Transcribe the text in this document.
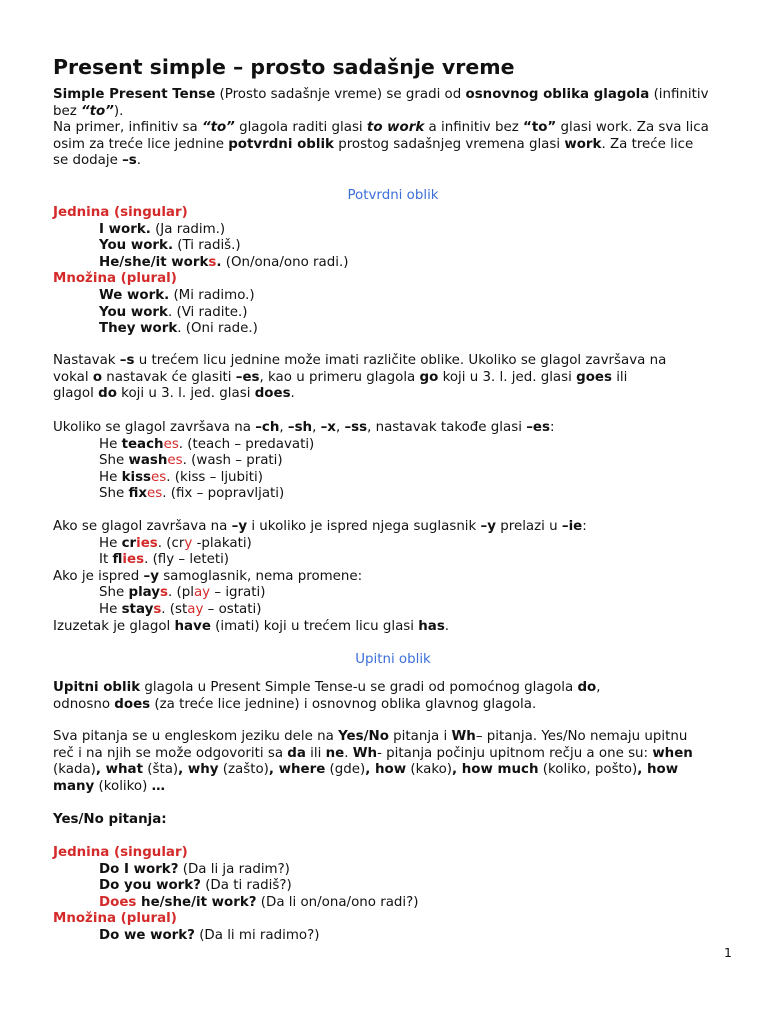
Present simple – prosto sadašnje vreme
Simple Present Tense (Prosto sadašnje vreme) se gradi od osnovnog oblika glagola (infinitiv
bez “to”).
Na primer, infinitiv sa “to” glagola raditi glasi to work a infinitiv bez “to” glasi work. Za sva lica
osim za treće lice jednine potvrdni oblik prostog sadašnjeg vremena glasi work. Za treće lice
se dodaje –s.
Potvrdni oblik
Jednina (singular)
I work. (Ja radim.)
You work. (Ti radiš.)
He/she/it works. (On/ona/ono radi.)
Množina (plural)
We work. (Mi radimo.)
You work. (Vi radite.)
They work. (Oni rade.)
Nastavak –s u trećem licu jednine može imati različite oblike. Ukoliko se glagol završava na
vokal o nastavak će glasiti –es, kao u primeru glagola go koji u 3. l. jed. glasi goes ili
glagol do koji u 3. l. jed. glasi does.
Ukoliko se glagol završava na –ch, –sh, –x, –ss, nastavak takođe glasi –es:
He teaches. (teach – predavati)
She washes. (wash – prati)
He kisses. (kiss – ljubiti)
She fixes. (fix – popravljati)
Ako se glagol završava na –y i ukoliko je ispred njega suglasnik –y prelazi u –ie:
He cries. (cry -plakati)
It flies. (fly – leteti)
Ako je ispred –y samoglasnik, nema promene:
She plays. (play – igrati)
He stays. (stay – ostati)
Izuzetak je glagol have (imati) koji u trećem licu glasi has.
Upitni oblik
Upitni oblik glagola u Present Simple Tense-u se gradi od pomoćnog glagola do,
odnosno does (za treće lice jednine) i osnovnog oblika glavnog glagola.
Sva pitanja se u engleskom jeziku dele na Yes/No pitanja i Wh– pitanja. Yes/No nemaju upitnu
reč i na njih se može odgovoriti sa da ili ne. Wh- pitanja počinju upitnom rečju a one su: when
(kada), what (šta), why (zašto), where (gde), how (kako), how much (koliko, pošto), how
many (koliko) …
Yes/No pitanja:
Jednina (singular)
Do I work? (Da li ja radim?)
Do you work? (Da ti radiš?)
Does he/she/it work? (Da li on/ona/ono radi?)
Množina (plural)
Do we work? (Da li mi radimo?)
1
